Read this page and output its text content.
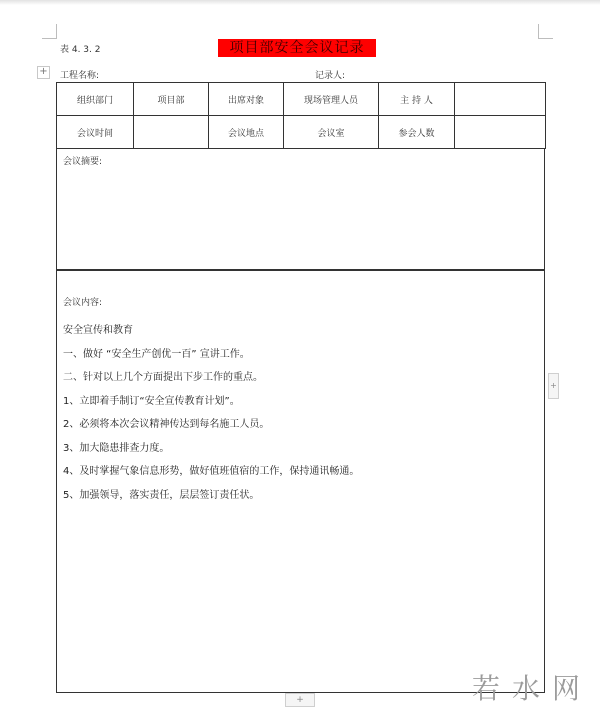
表 4. 3. 2	项目部安全会议记录
+ 工程名称:	记录人:
组织部门	项目部	出席对象	现场管理人员	主 持 人	
会议时间		会议地点	会议室	参会人数	
会议摘要:
会议内容:
安全宣传和教育
一、做好 “安全生产创优一百” 宣讲工作。
二、针对以上几个方面提出下步工作的重点。
1、立即着手制订“安全宣传教育计划”。
2、必须将本次会议精神传达到每名施工人员。
3、加大隐患排查力度。
4、及时掌握气象信息形势，做好值班值宿的工作，保持通讯畅通。
5、加强领导，落实责任，层层签订责任状。
+
+	若水网
